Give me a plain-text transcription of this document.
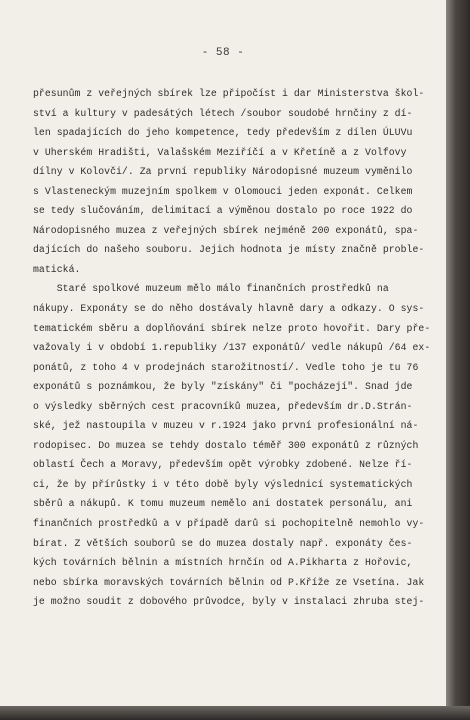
- 58 -
přesunům z veřejných sbírek lze připočíst i dar Ministerstva škol-
ství a kultury v padesátých létech /soubor soudobé hrnčiny z dí-
len spadajících do jeho kompetence, tedy především z dílen ÚLUVu
v Uherském Hradišti, Valašském Meziříčí a v Křetíně a z Volfovy
dílny v Kolovči/. Za první republiky Národopisné muzeum vyměnilo
s Vlasteneckým muzejním spolkem v Olomouci jeden exponát. Celkem
se tedy slučováním, delimitací a výměnou dostalo po roce 1922 do
Národopisného muzea z veřejných sbírek nejméně 200 exponátů, spa-
dajících do našeho souboru. Jejich hodnota je místy značně proble-
matická.
Staré spolkové muzeum mělo málo finančních prostředků na
nákupy. Exponáty se do něho dostávaly hlavně dary a odkazy. O sys-
tematickém sběru a doplňování sbírek nelze proto hovořit. Dary pře-
važovaly i v období 1.republiky /137 exponátů/ vedle nákupů /64 ex-
ponátů, z toho 4 v prodejnách starožitností/. Vedle toho je tu 76
exponátů s poznámkou, že byly "získány" či "pocházejí". Snad jde
o výsledky sběrných cest pracovníků muzea, především dr.D.Strán-
ské, jež nastoupila v muzeu v r.1924 jako první profesionální ná-
rodopisec. Do muzea se tehdy dostalo téměř 300 exponátů z různých
oblastí Čech a Moravy, především opět výrobky zdobené. Nelze ří-
ci, že by přírůstky i v této době byly výslednicí systematických
sběrů a nákupů. K tomu muzeum nemělo ani dostatek personálu, ani
finančních prostředků a v případě darů si pochopitelně nemohlo vy-
bírat. Z větších souborů se do muzea dostaly např. exponáty čes-
kých továrních bělnin a místních hrnčín od A.Pikharta z Hořovic,
nebo sbírka moravských továrních bělnin od P.Kříže ze Vsetína. Jak
je možno soudit z dobového průvodce, byly v instalaci zhruba stej-
